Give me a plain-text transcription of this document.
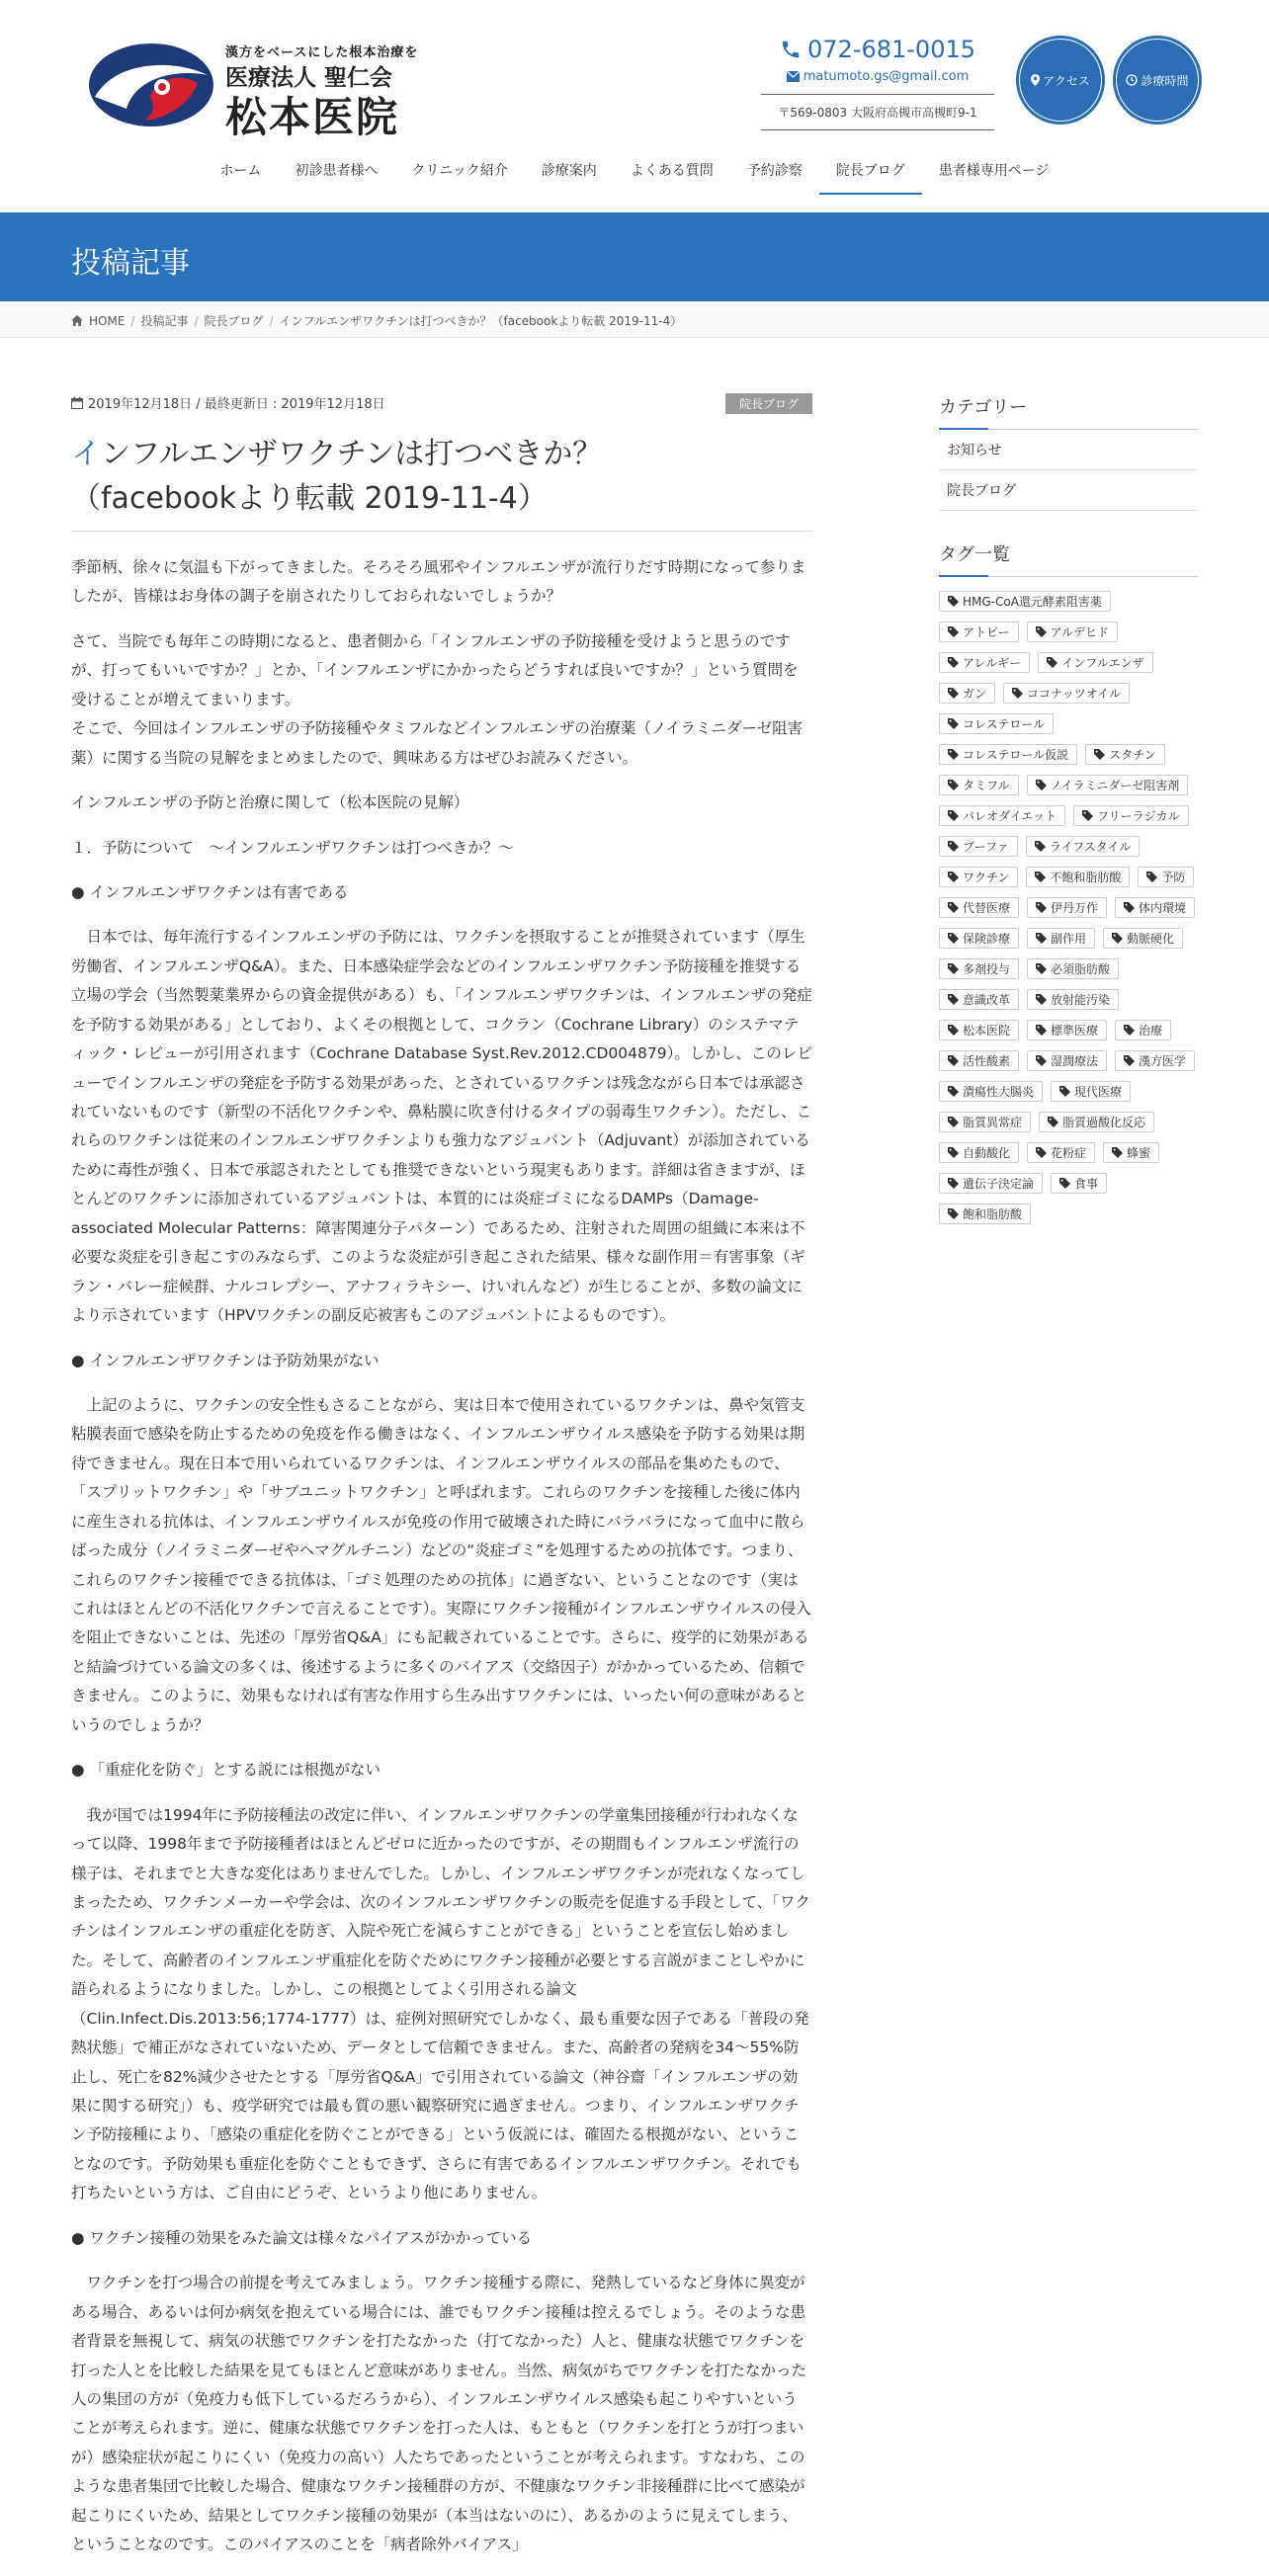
漢方をベースにした根本治療を
医療法人 聖仁会
松本医院
072-681-0015
matumoto.gs@gmail.com
〒569-0803 大阪府高槻市高槻町9-1
アクセス	診療時間
ホーム	初診患者様へ	クリニック紹介	診療案内	よくある質問	予約診察	院長ブログ	患者様専用ページ
投稿記事
HOME / 投稿記事 / 院長ブログ / インフルエンザワクチンは打つべきか？（facebookより転載 2019-11-4）
2019年12月18日 / 最終更新日 : 2019年12月18日	院長ブログ
インフルエンザワクチンは打つべきか？
（facebookより転載 2019-11-4）

季節柄、徐々に気温も下がってきました。そろそろ風邪やインフルエンザが流行りだす時期になって参りましたが、皆様はお身体の調子を崩されたりしておられないでしょうか？

さて、当院でも毎年この時期になると、患者側から「インフルエンザの予防接種を受けようと思うのですが、打ってもいいですか？」とか、「インフルエンザにかかったらどうすれば良いですか？」という質問を受けることが増えてまいります。
そこで、今回はインフルエンザの予防接種やタミフルなどインフルエンザの治療薬（ノイラミニダーゼ阻害薬）に関する当院の見解をまとめましたので、興味ある方はぜひお読みください。

インフルエンザの予防と治療に関して（松本医院の見解）

１．予防について　〜インフルエンザワクチンは打つべきか？〜

● インフルエンザワクチンは有害である

　日本では、毎年流行するインフルエンザの予防には、ワクチンを摂取することが推奨されています（厚生労働省、インフルエンザQ&A）。また、日本感染症学会などのインフルエンザワクチン予防接種を推奨する立場の学会（当然製薬業界からの資金提供がある）も、「インフルエンザワクチンは、インフルエンザの発症を予防する効果がある」としており、よくその根拠として、コクラン（Cochrane Library）のシステマティック・レビューが引用されます（Cochrane Database Syst.Rev.2012.CD004879）。しかし、このレビューでインフルエンザの発症を予防する効果があった、とされているワクチンは残念ながら日本では承認されていないものです（新型の不活化ワクチンや、鼻粘膜に吹き付けるタイプの弱毒生ワクチン）。ただし、これらのワクチンは従来のインフルエンザワクチンよりも強力なアジュバント（Adjuvant）が添加されているために毒性が強く、日本で承認されたとしても推奨できないという現実もあります。詳細は省きますが、ほとんどのワクチンに添加されているアジュバントは、本質的には炎症ゴミになるDAMPs（Damage-associated Molecular Patterns：障害関連分子パターン）であるため、注射された周囲の組織に本来は不必要な炎症を引き起こすのみならず、このような炎症が引き起こされた結果、様々な副作用＝有害事象（ギラン・バレー症候群、ナルコレプシー、アナフィラキシー、けいれんなど）が生じることが、多数の論文により示されています（HPVワクチンの副反応被害もこのアジュバントによるものです）。

● インフルエンザワクチンは予防効果がない

　上記のように、ワクチンの安全性もさることながら、実は日本で使用されているワクチンは、鼻や気管支粘膜表面で感染を防止するための免疫を作る働きはなく、インフルエンザウイルス感染を予防する効果は期待できません。現在日本で用いられているワクチンは、インフルエンザウイルスの部品を集めたもので、「スプリットワクチン」や「サブユニットワクチン」と呼ばれます。これらのワクチンを接種した後に体内に産生される抗体は、インフルエンザウイルスが免疫の作用で破壊された時にバラバラになって血中に散らばった成分（ノイラミニダーゼやヘマグルチニン）などの“炎症ゴミ”を処理するための抗体です。つまり、これらのワクチン接種でできる抗体は、「ゴミ処理のための抗体」に過ぎない、ということなのです（実はこれはほとんどの不活化ワクチンで言えることです）。実際にワクチン接種がインフルエンザウイルスの侵入を阻止できないことは、先述の「厚労省Q&A」にも記載されていることです。さらに、疫学的に効果があると結論づけている論文の多くは、後述するように多くのバイアス（交絡因子）がかかっているため、信頼できません。このように、効果もなければ有害な作用すら生み出すワクチンには、いったい何の意味があるというのでしょうか？

● 「重症化を防ぐ」とする説には根拠がない

　我が国では1994年に予防接種法の改定に伴い、インフルエンザワクチンの学童集団接種が行われなくなって以降、1998年まで予防接種者はほとんどゼロに近かったのですが、その期間もインフルエンザ流行の様子は、それまでと大きな変化はありませんでした。しかし、インフルエンザワクチンが売れなくなってしまったため、ワクチンメーカーや学会は、次のインフルエンザワクチンの販売を促進する手段として、「ワクチンはインフルエンザの重症化を防ぎ、入院や死亡を減らすことができる」ということを宣伝し始めました。そして、高齢者のインフルエンザ重症化を防ぐためにワクチン接種が必要とする言説がまことしやかに語られるようになりました。しかし、この根拠としてよく引用される論文（Clin.Infect.Dis.2013:56;1774-1777）は、症例対照研究でしかなく、最も重要な因子である「普段の発熱状態」で補正がなされていないため、データとして信頼できません。また、高齢者の発病を34〜55%防止し、死亡を82%減少させたとする「厚労省Q&A」で引用されている論文（神谷齋「インフルエンザの効果に関する研究」）も、疫学研究では最も質の悪い観察研究に過ぎません。つまり、インフルエンザワクチン予防接種により、「感染の重症化を防ぐことができる」という仮説には、確固たる根拠がない、ということなのです。予防効果も重症化を防ぐこともできず、さらに有害であるインフルエンザワクチン。それでも打ちたいという方は、ご自由にどうぞ、というより他にありません。

● ワクチン接種の効果をみた論文は様々なバイアスがかかっている

　ワクチンを打つ場合の前提を考えてみましょう。ワクチン接種する際に、発熱しているなど身体に異変がある場合、あるいは何か病気を抱えている場合には、誰でもワクチン接種は控えるでしょう。そのような患者背景を無視して、病気の状態でワクチンを打たなかった（打てなかった）人と、健康な状態でワクチンを打った人とを比較した結果を見てもほとんど意味がありません。当然、病気がちでワクチンを打たなかった人の集団の方が（免疫力も低下しているだろうから）、インフルエンザウイルス感染も起こりやすいということが考えられます。逆に、健康な状態でワクチンを打った人は、もともと（ワクチンを打とうが打つまいが）感染症状が起こりにくい（免疫力の高い）人たちであったということが考えられます。すなわち、このような患者集団で比較した場合、健康なワクチン接種群の方が、不健康なワクチン非接種群に比べて感染が起こりにくいため、結果としてワクチン接種の効果が（本当はないのに）、あるかのように見えてしまう、ということなのです。このバイアスのことを「病者除外バイアス」

カテゴリー
お知らせ
院長ブログ
タグ一覧
HMG-CoA還元酵素阻害薬
アトピー	アルデヒド
アレルギー	インフルエンザ
ガン	ココナッツオイル
コレステロール
コレステロール仮説	スタチン
タミフル	ノイラミニダーゼ阻害剤
パレオダイエット	フリーラジカル
ブーファ	ライフスタイル
ワクチン	不飽和脂肪酸	予防
代替医療	伊丹万作	体内環境
保険診療	副作用	動脈硬化
多剤投与	必須脂肪酸
意識改革	放射能汚染
松本医院	標準医療	治療
活性酸素	湿潤療法	漢方医学
潰瘍性大腸炎	現代医療
脂質異常症	脂質過酸化反応
自動酸化	花粉症	蜂蜜
遺伝子決定論	食事
飽和脂肪酸
